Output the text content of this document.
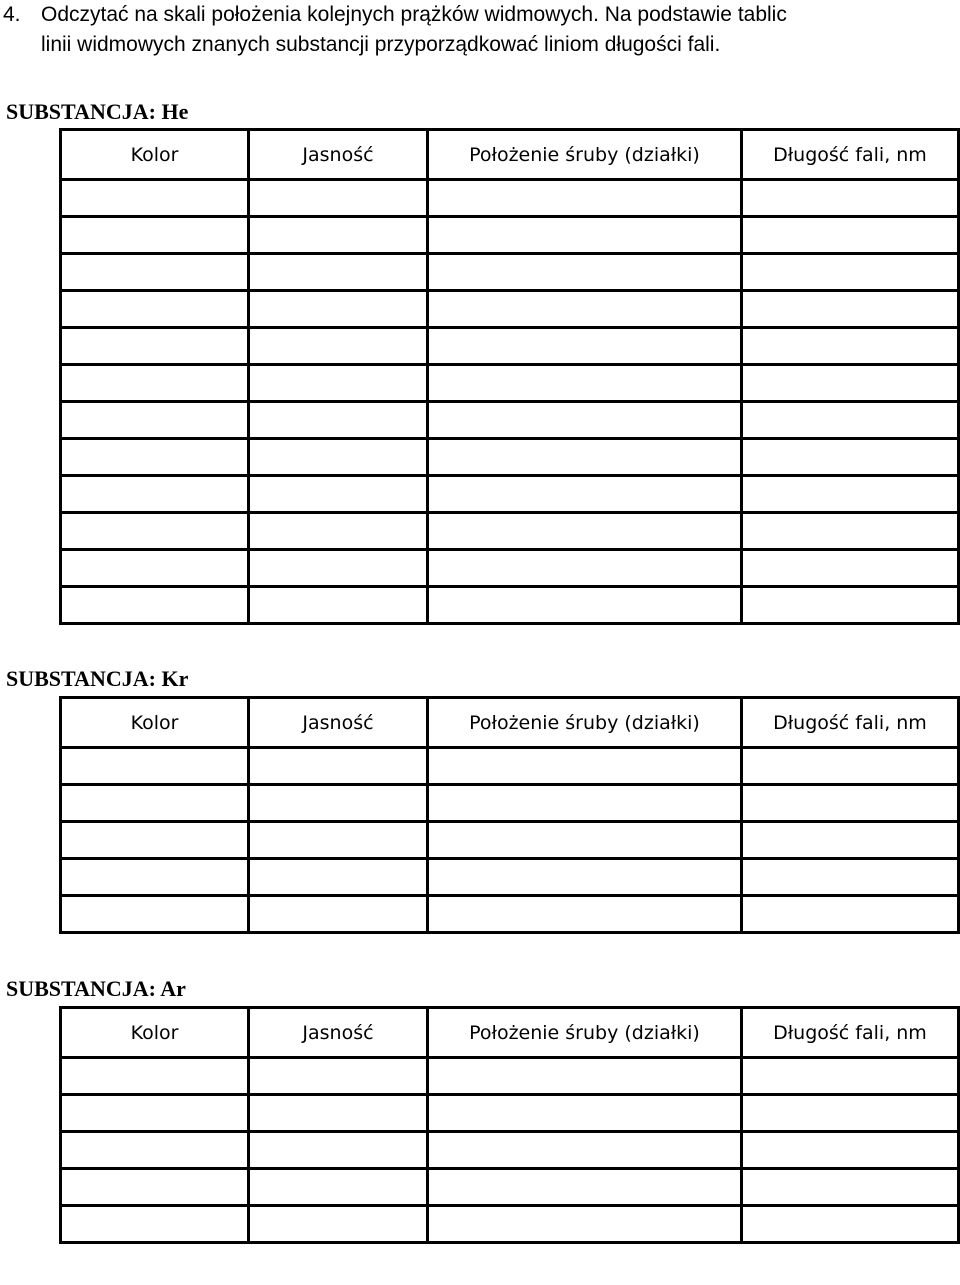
4. Odczytać na skali położenia kolejnych prążków widmowych. Na podstawie tablic
linii widmowych znanych substancji przyporządkować liniom długości fali.
SUBSTANCJA: He
Kolor	Jasność	Położenie śruby (działki)	Długość fali, nm

SUBSTANCJA: Kr
Kolor	Jasność	Położenie śruby (działki)	Długość fali, nm

SUBSTANCJA: Ar
Kolor	Jasność	Położenie śruby (działki)	Długość fali, nm
